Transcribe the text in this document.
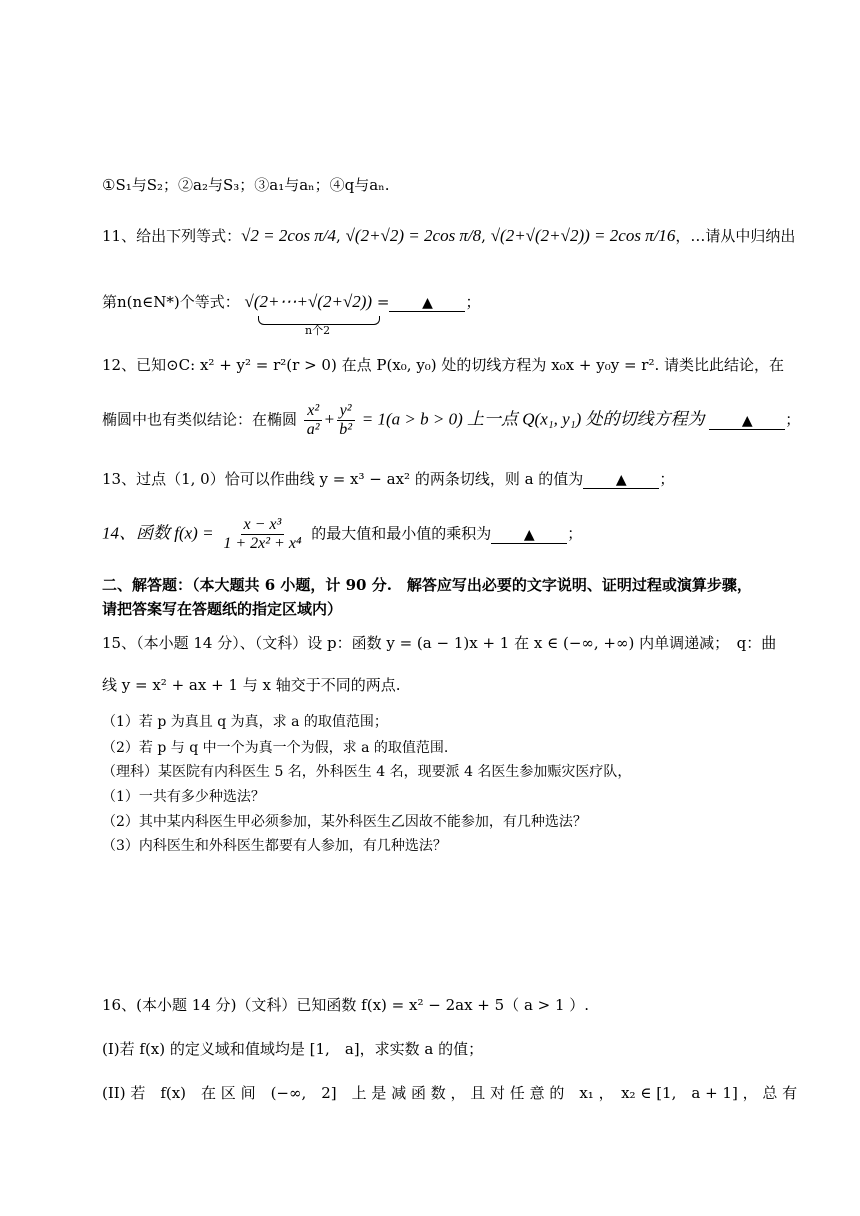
①S₁与S₂；②a₂与S₃；③a₁与aₙ；④q与aₙ.
11、给出下列等式：√2 = 2cos π/4, √(2+√2) = 2cos π/8, √(2+√(2+√2)) = 2cos π/16，…请从中归纳出
第n(n∈N*)个等式： √(2+⋯+√(2+√2)) = ▲ ；
n个2
12、已知⊙C: x² + y² = r²(r > 0) 在点 P(x₀, y₀) 处的切线方程为 x₀x + y₀y = r². 请类比此结论，在
椭圆中也有类似结论：在椭圆 $\frac{\text{x²}}{\text{a²}} + \frac{\text{y²}}{\text{b²}} = 1(a > b > 0)$ 上一点 Q(x₁, y₁) 处的切线方程为	▲ ；
13、过点（1, 0）恰可以作曲线 y = x³ − ax² 的两条切线，则 a 的值为 ▲ ；
14、函数 $f(x) = \frac{\text{x − x³}}{\text{1 + 2x² + x⁴}}$ 的最大值和最小值的乘积为 ▲ ；
二、解答题：（本大题共 6 小题，计 90 分.　解答应写出必要的文字说明、证明过程或演算步骤，
请把答案写在答题纸的指定区域内）
15、（本小题 14 分）、（文科）设 p：函数 y = (a − 1)x + 1 在 x ∈ (−∞, +∞) 内单调递减；　q：曲
线 y = x² + ax + 1 与 x 轴交于不同的两点.
（1）若 p 为真且 q 为真，求 a 的取值范围；
（2）若 p 与 q 中一个为真一个为假，求 a 的取值范围.
（理科）某医院有内科医生 5 名，外科医生 4 名，现要派 4 名医生参加赈灾医疗队，
（1）一共有多少种选法？
（2）其中某内科医生甲必须参加，某外科医生乙因故不能参加，有几种选法？
（3）内科医生和外科医生都要有人参加，有几种选法？
16、(本小题 14 分)（文科）已知函数 f(x) = x² − 2ax + 5（ a > 1 ）.
(I)若 f(x) 的定义域和值域均是 [1,　a]，求实数 a 的值；
(II) 若　f(x)　在 区 间　(−∞,　2]　上 是 减 函 数 ， 且 对 任 意 的　x₁ ，　x₂ ∈ [1,　a + 1] ， 总 有
